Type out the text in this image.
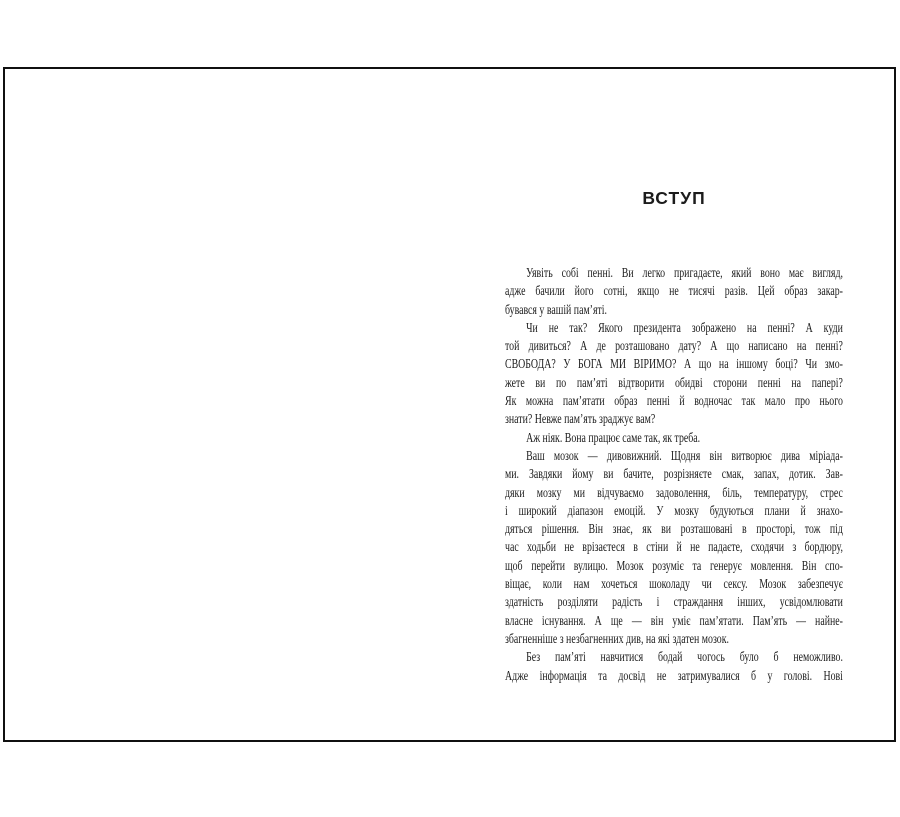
ВСТУП
Уявіть собі пенні. Ви легко пригадаєте, який воно має вигляд,
адже бачили його сотні, якщо не тисячі разів. Цей образ закар-
бувався у вашій пам’яті.
Чи не так? Якого президента зображено на пенні? А куди
той дивиться? А де розташовано дату? А що написано на пенні?
СВОБОДА? У БОГА МИ ВІРИМО? А що на іншому боці? Чи змо-
жете ви по пам’яті відтворити обидві сторони пенні на папері?
Як можна пам’ятати образ пенні й водночас так мало про нього
знати? Невже пам’ять зраджує вам?
Аж ніяк. Вона працює саме так, як треба.
Ваш мозок — дивовижний. Щодня він витворює дива міріада-
ми. Завдяки йому ви бачите, розрізняєте смак, запах, дотик. Зав-
дяки мозку ми відчуваємо задоволення, біль, температуру, стрес
і широкий діапазон емоцій. У мозку будуються плани й знахо-
дяться рішення. Він знає, як ви розташовані в просторі, тож під
час ходьби не врізаєтеся в стіни й не падаєте, сходячи з бордюру,
щоб перейти вулицю. Мозок розуміє та генерує мовлення. Він спо-
віщає, коли нам хочеться шоколаду чи сексу. Мозок забезпечує
здатність розділяти радість і страждання інших, усвідомлювати
власне існування. А ще — він уміє пам’ятати. Пам’ять — найне-
збагненніше з незбагненних див, на які здатен мозок.
Без пам’яті навчитися бодай чогось було б неможливо.
Адже інформація та досвід не затримувалися б у голові. Нові
